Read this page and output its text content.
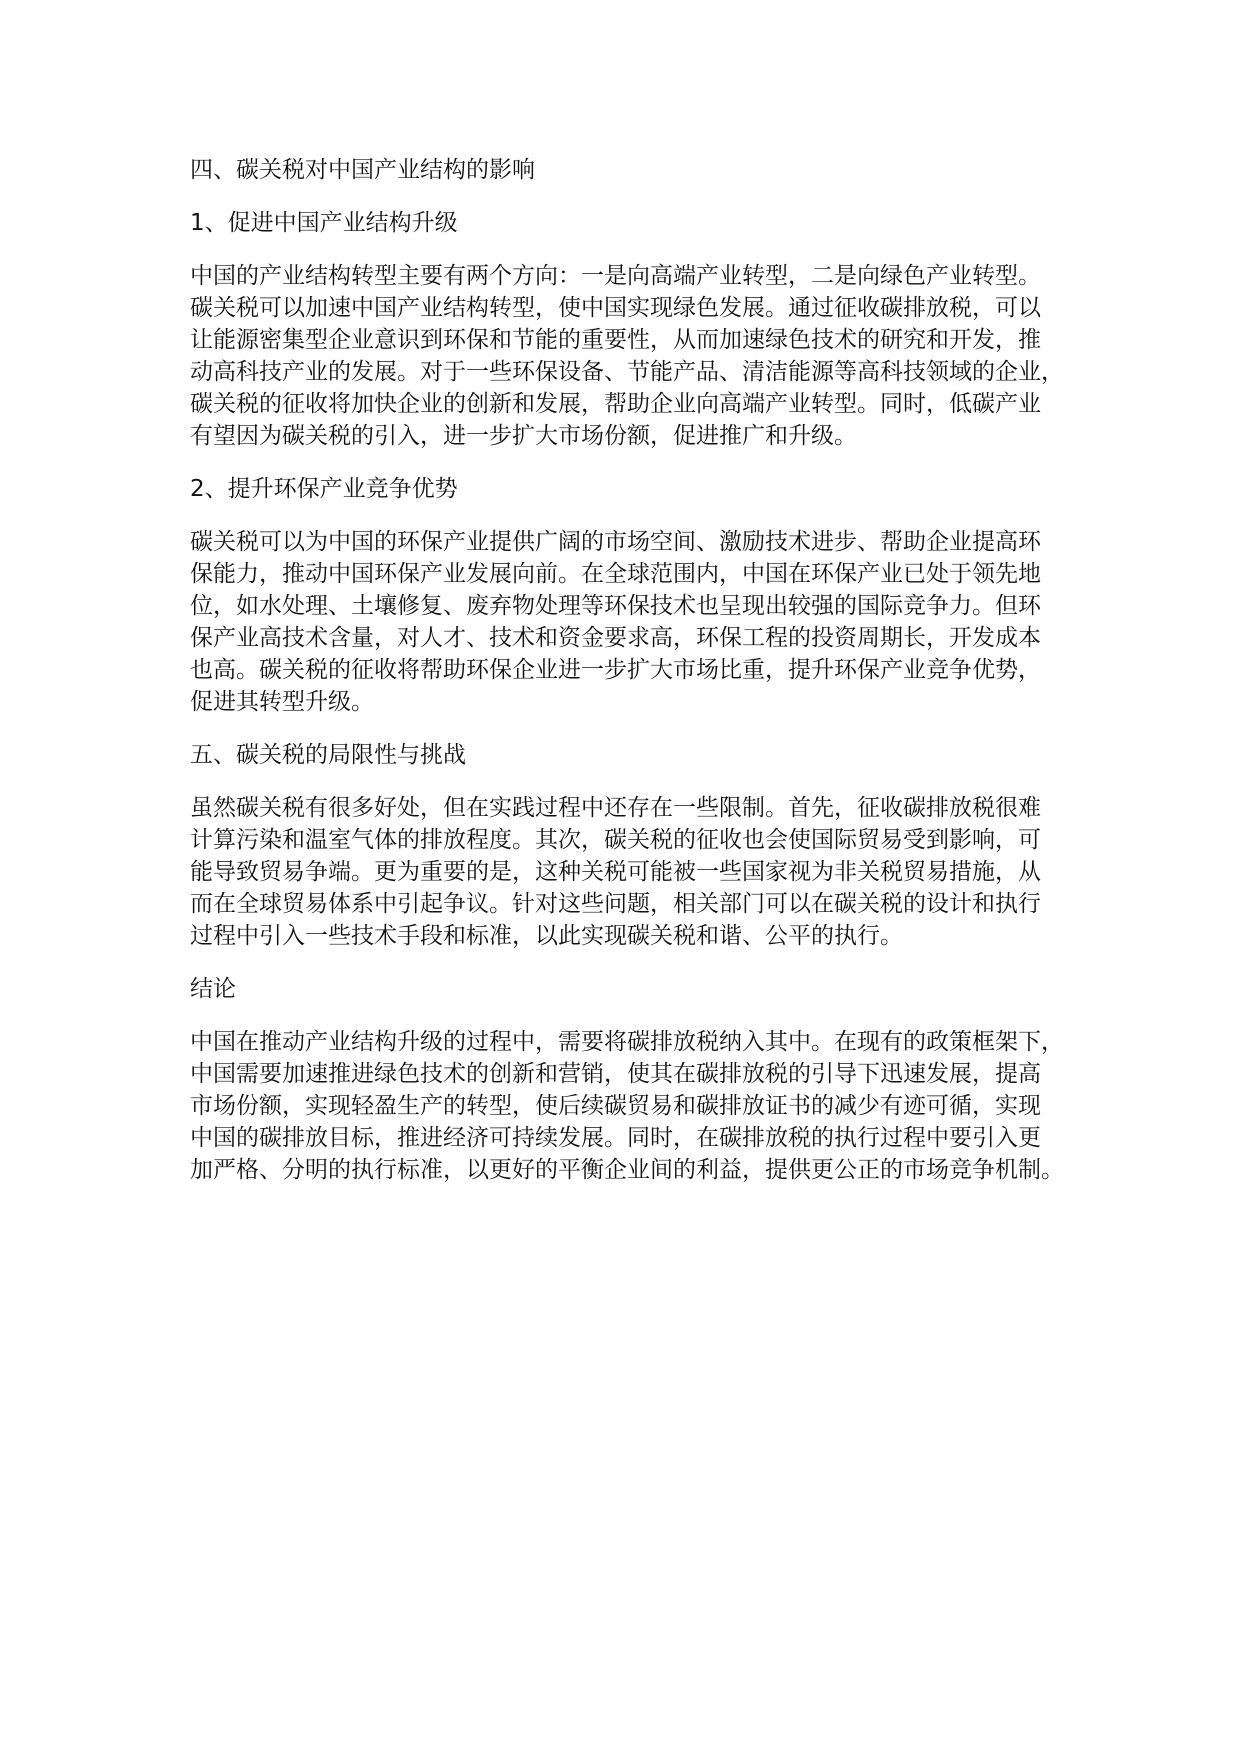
四、碳关税对中国产业结构的影响
1、促进中国产业结构升级
中国的产业结构转型主要有两个方向：一是向高端产业转型，二是向绿色产业转型。
碳关税可以加速中国产业结构转型，使中国实现绿色发展。通过征收碳排放税，可以
让能源密集型企业意识到环保和节能的重要性，从而加速绿色技术的研究和开发，推
动高科技产业的发展。对于一些环保设备、节能产品、清洁能源等高科技领域的企业，
碳关税的征收将加快企业的创新和发展，帮助企业向高端产业转型。同时，低碳产业
有望因为碳关税的引入，进一步扩大市场份额，促进推广和升级。
2、提升环保产业竞争优势
碳关税可以为中国的环保产业提供广阔的市场空间、激励技术进步、帮助企业提高环
保能力，推动中国环保产业发展向前。在全球范围内，中国在环保产业已处于领先地
位，如水处理、土壤修复、废弃物处理等环保技术也呈现出较强的国际竞争力。但环
保产业高技术含量，对人才、技术和资金要求高，环保工程的投资周期长，开发成本
也高。碳关税的征收将帮助环保企业进一步扩大市场比重，提升环保产业竞争优势，
促进其转型升级。
五、碳关税的局限性与挑战
虽然碳关税有很多好处，但在实践过程中还存在一些限制。首先，征收碳排放税很难
计算污染和温室气体的排放程度。其次，碳关税的征收也会使国际贸易受到影响，可
能导致贸易争端。更为重要的是，这种关税可能被一些国家视为非关税贸易措施，从
而在全球贸易体系中引起争议。针对这些问题，相关部门可以在碳关税的设计和执行
过程中引入一些技术手段和标准，以此实现碳关税和谐、公平的执行。
结论
中国在推动产业结构升级的过程中，需要将碳排放税纳入其中。在现有的政策框架下，
中国需要加速推进绿色技术的创新和营销，使其在碳排放税的引导下迅速发展，提高
市场份额，实现轻盈生产的转型，使后续碳贸易和碳排放证书的减少有迹可循，实现
中国的碳排放目标，推进经济可持续发展。同时，在碳排放税的执行过程中要引入更
加严格、分明的执行标准，以更好的平衡企业间的利益，提供更公正的市场竞争机制。
